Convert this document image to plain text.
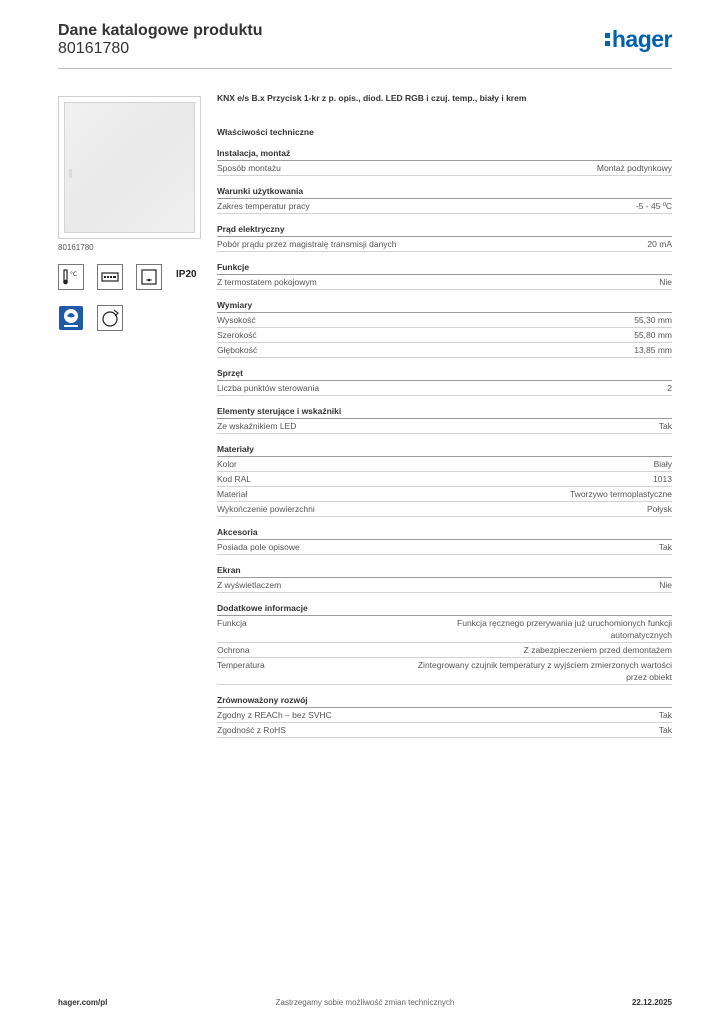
Dane katalogowe produktu
80161780	hager
80161780
°C	IP20
KNX e/s B.x Przycisk 1-kr z p. opis., diod. LED RGB i czuj. temp., biały i krem
Właściwości techniczne
Instalacja, montaż
Sposób montażu	Montaż podtynkowy
Warunki użytkowania
Zakres temperatur pracy	-5 - 45 ºC
Prąd elektryczny
Pobór prądu przez magistralę transmisji danych	20 mA
Funkcje
Z termostatem pokojowym	Nie
Wymiary
Wysokość	55,30 mm
Szerokość	55,80 mm
Głębokość	13,85 mm
Sprzęt
Liczba punktów sterowania	2
Elementy sterujące i wskaźniki
Ze wskaźnikiem LED	Tak
Materiały
Kolor	Biały
Kod RAL	1013
Materiał	Tworzywo termoplastyczne
Wykończenie powierzchni	Połysk
Akcesoria
Posiada pole opisowe	Tak
Ekran
Z wyświetlaczem	Nie
Dodatkowe informacje
Funkcja	Funkcja ręcznego przerywania już uruchomionych funkcji automatycznych
Ochrona	Z zabezpieczeniem przed demontażem
Temperatura	Zintegrowany czujnik temperatury z wyjściem zmierzonych wartości przez obiekt
Zrównoważony rozwój
Zgodny z REACh – bez SVHC	Tak
Zgodność z RoHS	Tak
Zastrzegamy sobie możliwość zmian technicznych
hager.com/pl	22.12.2025
